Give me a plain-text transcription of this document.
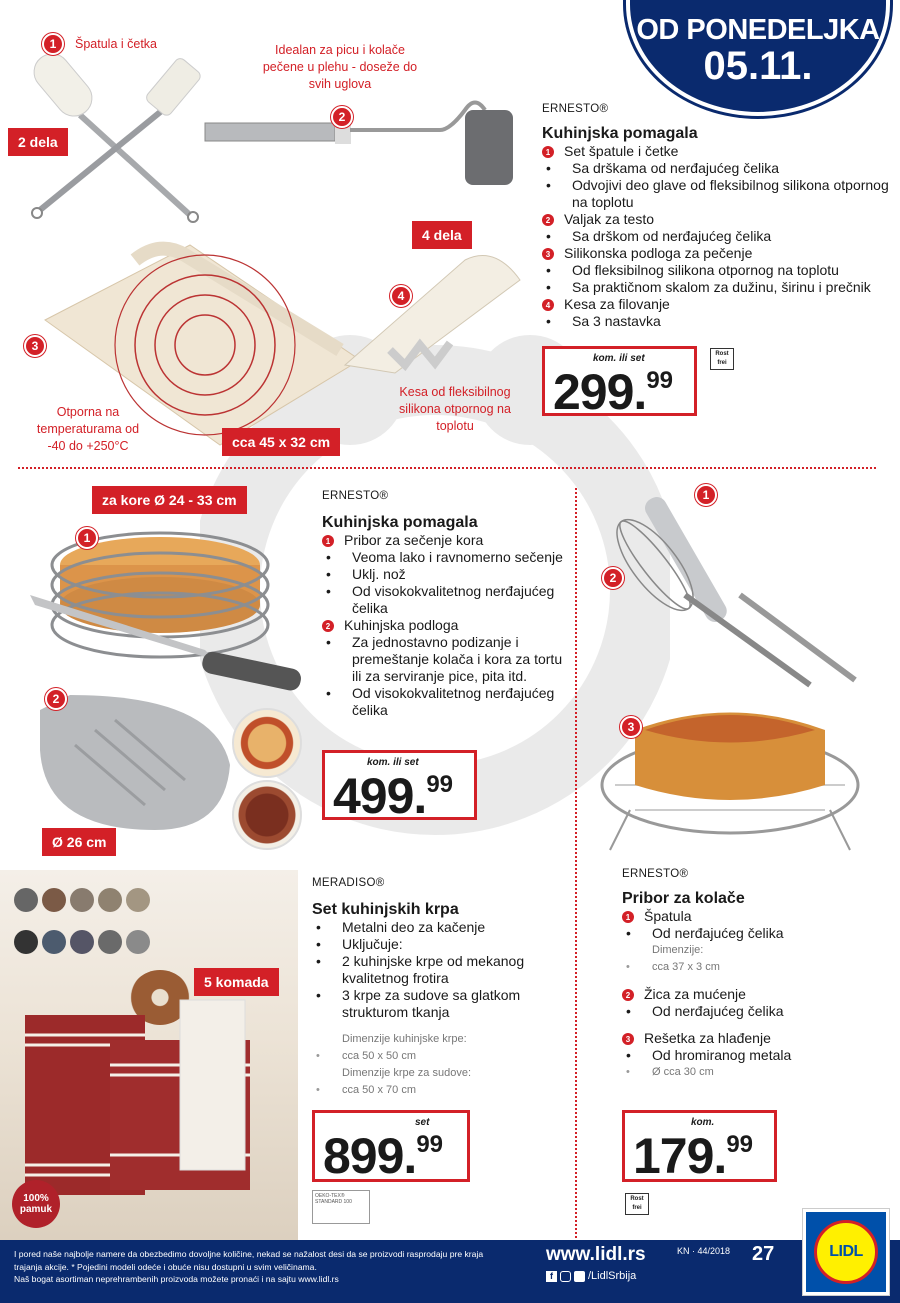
OD PONEDELJKA
05.11.
1	Špatula i četka
2 dela
Idealan za picu i kolače pečene u plehu - doseže do svih uglova
2
3
Otporna na temperaturama od -40 do +250°C	cca 45 x 32 cm
4 dela
4
Kesa od fleksibilnog silikona otpornog na toplotu
ERNESTO®
Kuhinjska pomagala
1 Set špatule i četke
• Sa drškama od nerđajućeg čelika
• Odvojivi deo glave od fleksibilnog silikona otpornog na toplotu
2 Valjak za testo
• Sa drškom od nerđajućeg čelika
3 Silikonska podloga za pečenje
• Od fleksibilnog silikona otpornog na toplotu
• Sa praktičnom skalom za dužinu, širinu i prečnik
4 Kesa za filovanje
• Sa 3 nastavka
kom. ili set
299.99
Rost frei
za kore Ø 24 - 33 cm
1
2
Ø 26 cm
ERNESTO®
Kuhinjska pomagala
1 Pribor za sečenje kora
• Veoma lako i ravnomerno sečenje
• Uklj. nož
• Od visokokvalitetnog nerđajućeg čelika
2 Kuhinjska podloga
• Za jednostavno podizanje i premeštanje kolača i kora za tortu ili za serviranje pice, pita itd.
• Od visokokvalitetnog nerđajućeg čelika
kom. ili set
499.99
1
2
3
ERNESTO®
Pribor za kolače
1 Špatula
• Od nerđajućeg čelika
Dimenzije:
• cca 37 x 3 cm
2 Žica za mućenje
• Od nerđajućeg čelika
3 Rešetka za hlađenje
• Od hromiranog metala
• Ø cca 30 cm
kom.
179.99
Rost frei
5 komada
100% pamuk
MERADISO®
Set kuhinjskih krpa
• Metalni deo za kačenje
• Uključuje:
• 2 kuhinjske krpe od mekanog kvalitetnog frotira
• 3 krpe za sudove sa glatkom strukturom tkanja
Dimenzije kuhinjske krpe:
• cca 50 x 50 cm
Dimenzije krpe za sudove:
• cca 50 x 70 cm
set
899.99
OEKO-TEX® STANDARD 100
I pored naše najbolje namere da obezbedimo dovoljne količine, nekad se nažalost desi da se proizvodi rasprodaju pre kraja
trajanja akcije. * Pojedini modeli odeće i obuće nisu dostupni u svim veličinama.
Naš bogat asortiman neprehrambenih proizvoda možete pronaći i na sajtu www.lidl.rs
www.lidl.rs
f	/LidlSrbija
KN · 44/2018 27	LIDL
